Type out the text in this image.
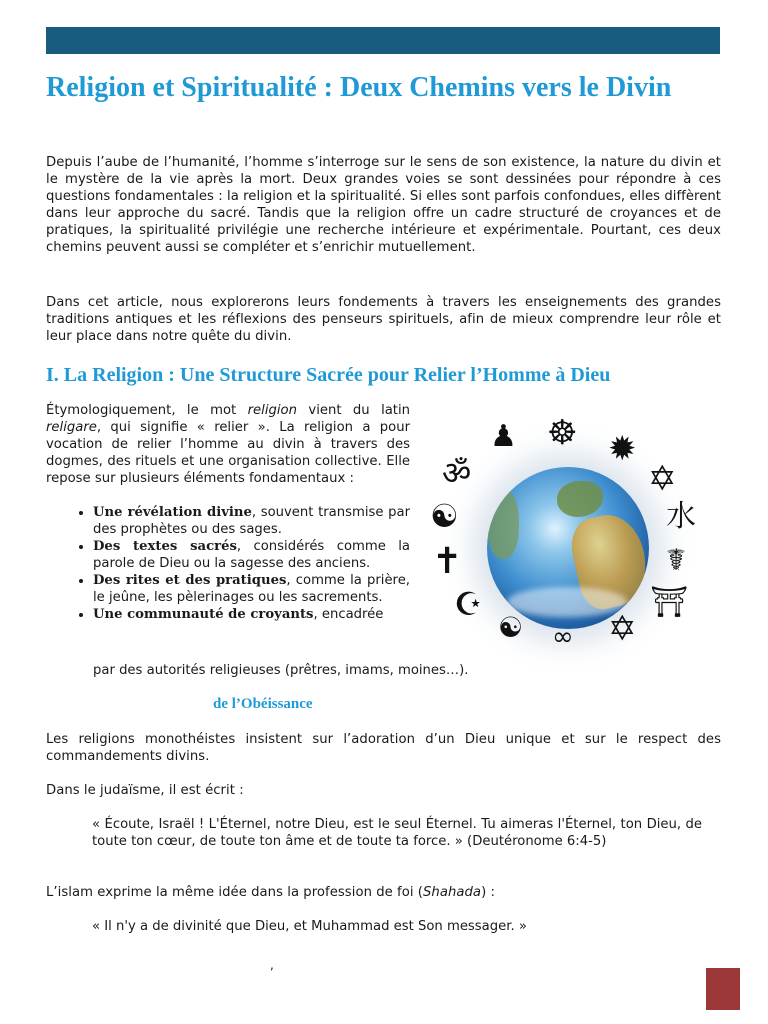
Religion et Spiritualité : Deux Chemins vers le Divin

Depuis l’aube de l’humanité, l’homme s’interroge sur le sens de son existence, la nature du divin et le mystère de la vie après la mort. Deux grandes voies se sont dessinées pour répondre à ces questions fondamentales : la religion et la spiritualité. Si elles sont parfois confondues, elles diffèrent dans leur approche du sacré. Tandis que la religion offre un cadre structuré de croyances et de pratiques, la spiritualité privilégie une recherche intérieure et expérimentale. Pourtant, ces deux chemins peuvent aussi se compléter et s’enrichir mutuellement.

Dans cet article, nous explorerons leurs fondements à travers les enseignements des grandes traditions antiques et les réflexions des penseurs spirituels, afin de mieux comprendre leur rôle et leur place dans notre quête du divin.

I. La Religion : Une Structure Sacrée pour Relier l’Homme à Dieu

Étymologiquement, le mot religion vient du latin religare, qui signifie « relier ». La religion a pour vocation de relier l’homme au divin à travers des dogmes, des rituels et une organisation collective. Elle repose sur plusieurs éléments fondamentaux :

• Une révélation divine, souvent transmise par des prophètes ou des sages.
• Des textes sacrés, considérés comme la parole de Dieu ou la sagesse des anciens.
• Des rites et des pratiques, comme la prière, le jeûne, les pèlerinages ou les sacrements.
• Une communauté de croyants, encadrée
par des autorités religieuses (prêtres, imams, moines…).
♟ ☸ ✹
ॐ	✡
☯	水
✝	☤
☪	⛩
☯ ∞ ✡
de l’Obéissance

Les religions monothéistes insistent sur l’adoration d’un Dieu unique et sur le respect des commandements divins.

Dans le judaïsme, il est écrit :

« Écoute, Israël ! L'Éternel, notre Dieu, est le seul Éternel. Tu aimeras l'Éternel, ton Dieu, de toute ton cœur, de toute ton âme et de toute ta force. » (Deutéronome 6:4-5)

L’islam exprime la même idée dans la profession de foi (Shahada) :

« Il n'y a de divinité que Dieu, et Muhammad est Son messager. »

,
